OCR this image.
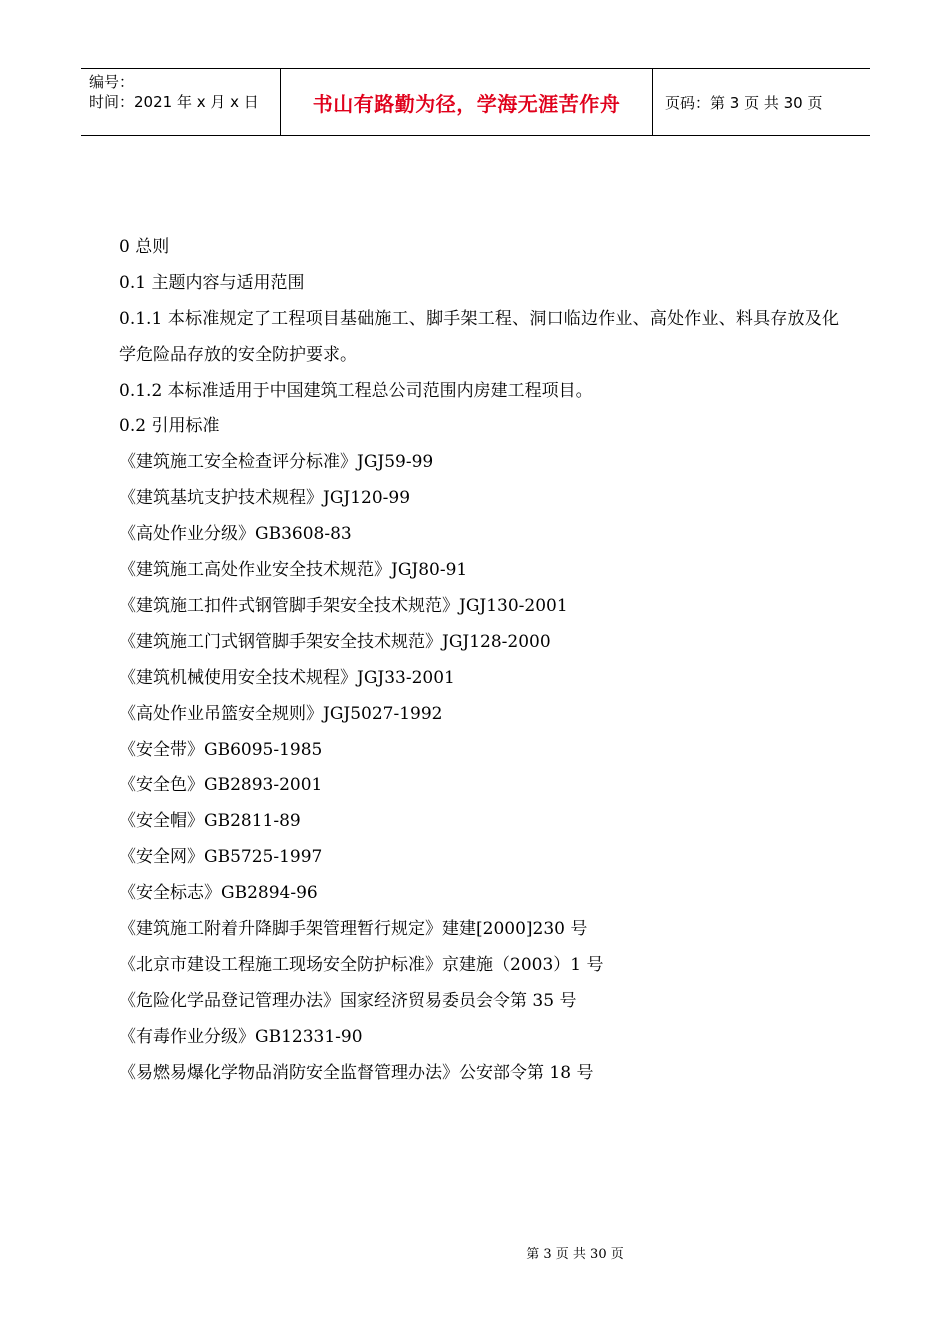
编号：
时间：2021 年 x 月 x 日	书山有路勤为径，学海无涯苦作舟	页码：第 3 页 共 30 页
0 总则
0.1 主题内容与适用范围
0.1.1 本标准规定了工程项目基础施工、脚手架工程、洞口临边作业、高处作业、料具存放及化学危险品存放的安全防护要求。
0.1.2 本标准适用于中国建筑工程总公司范围内房建工程项目。
0.2 引用标准
《建筑施工安全检查评分标准》JGJ59-99
《建筑基坑支护技术规程》JGJ120-99
《高处作业分级》GB3608-83
《建筑施工高处作业安全技术规范》JGJ80-91
《建筑施工扣件式钢管脚手架安全技术规范》JGJ130-2001
《建筑施工门式钢管脚手架安全技术规范》JGJ128-2000
《建筑机械使用安全技术规程》JGJ33-2001
《高处作业吊篮安全规则》JGJ5027-1992
《安全带》GB6095-1985
《安全色》GB2893-2001
《安全帽》GB2811-89
《安全网》GB5725-1997
《安全标志》GB2894-96
《建筑施工附着升降脚手架管理暂行规定》建建[2000]230 号
《北京市建设工程施工现场安全防护标准》京建施（2003）1 号
《危险化学品登记管理办法》国家经济贸易委员会令第 35 号
《有毒作业分级》GB12331-90
《易燃易爆化学物品消防安全监督管理办法》公安部令第 18 号
第 3 页 共 30 页
